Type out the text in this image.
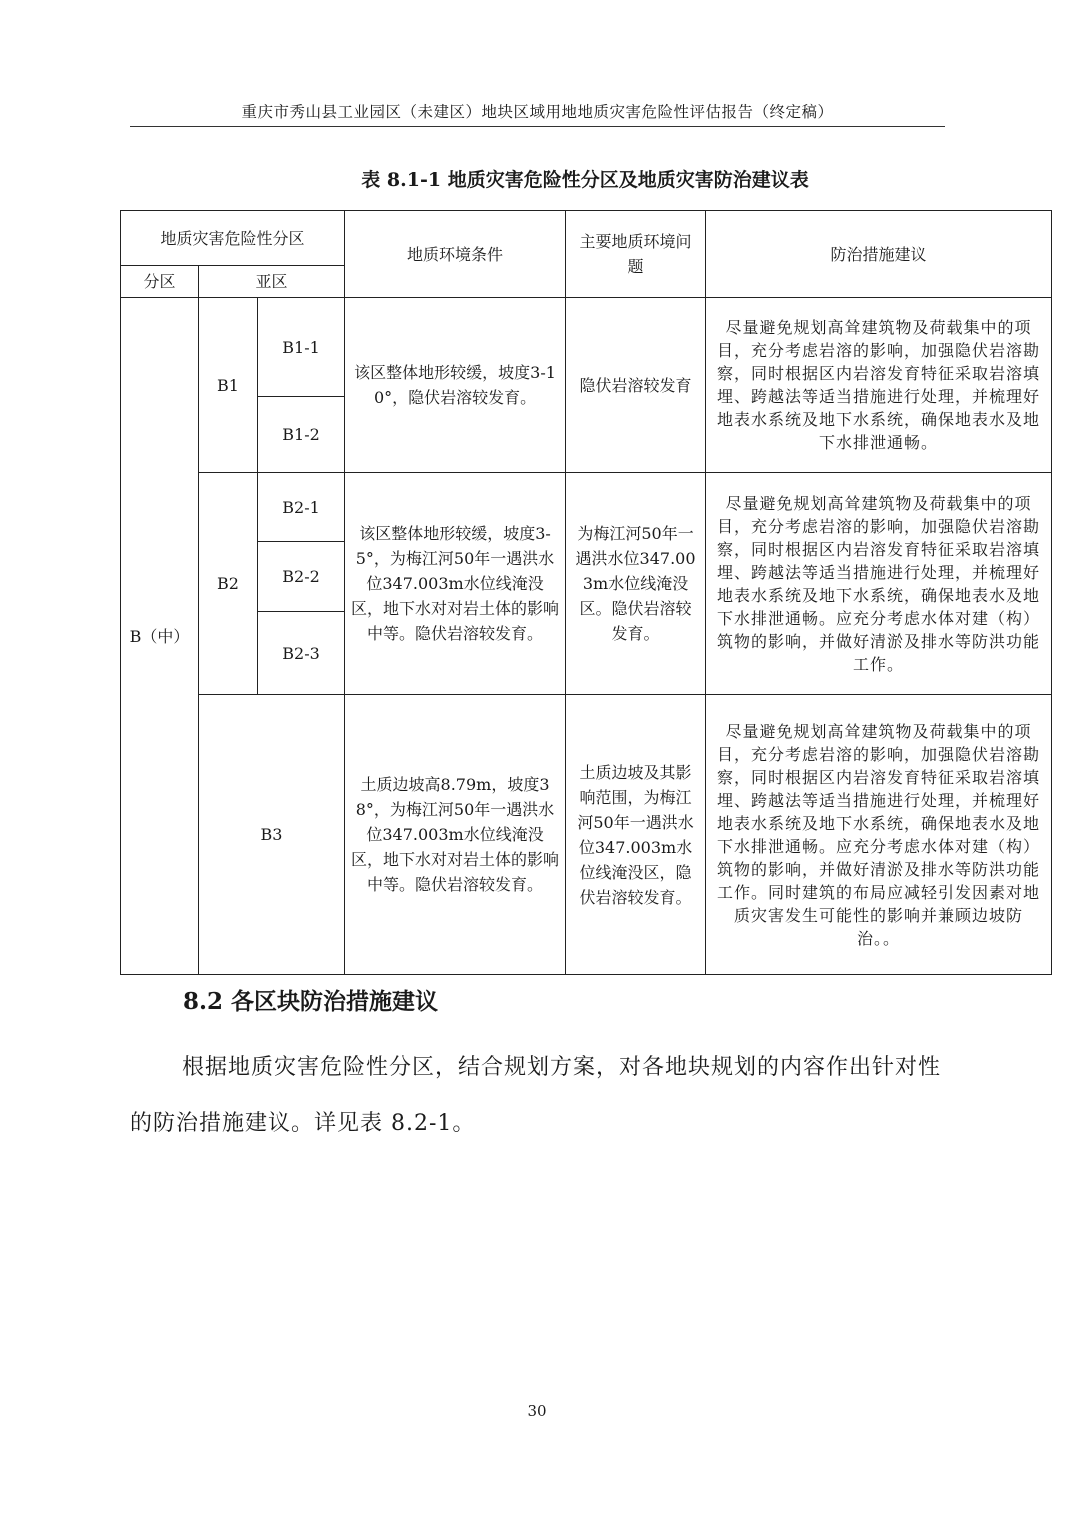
重庆市秀山县工业园区（未建区）地块区域用地地质灾害危险性评估报告（终定稿）
表 8.1-1 地质灾害危险性分区及地质灾害防治建议表
地质灾害危险性分区			地质环境条件	主要地质环境问题	防治措施建议
分区	亚区				
B（中）	B1	B1-1	该区整体地形较缓，坡度3-10°，隐伏岩溶较发育。	隐伏岩溶较发育	尽量避免规划高耸建筑物及荷载集中的项目，充分考虑岩溶的影响，加强隐伏岩溶勘察，同时根据区内岩溶发育特征采取岩溶填埋、跨越法等适当措施进行处理，并梳理好地表水系统及地下水系统，确保地表水及地下水排泄通畅。
		B1-2			
	B2	B2-1	该区整体地形较缓，坡度3-5°，为梅江河50年一遇洪水位347.003m水位线淹没区，地下水对对岩土体的影响中等。隐伏岩溶较发育。	为梅江河50年一遇洪水位347.003m水位线淹没区。隐伏岩溶较发育。	尽量避免规划高耸建筑物及荷载集中的项目，充分考虑岩溶的影响，加强隐伏岩溶勘察，同时根据区内岩溶发育特征采取岩溶填埋、跨越法等适当措施进行处理，并梳理好地表水系统及地下水系统，确保地表水及地下水排泄通畅。应充分考虑水体对建（构）筑物的影响，并做好清淤及排水等防洪功能工作。
		B2-2			
		B2-3			
	B3		土质边坡高8.79m，坡度38°，为梅江河50年一遇洪水位347.003m水位线淹没区，地下水对对岩土体的影响中等。隐伏岩溶较发育。	土质边坡及其影响范围，为梅江河50年一遇洪水位347.003m水位线淹没区，隐伏岩溶较发育。	尽量避免规划高耸建筑物及荷载集中的项目，充分考虑岩溶的影响，加强隐伏岩溶勘察，同时根据区内岩溶发育特征采取岩溶填埋、跨越法等适当措施进行处理，并梳理好地表水系统及地下水系统，确保地表水及地下水排泄通畅。应充分考虑水体对建（构）筑物的影响，并做好清淤及排水等防洪功能工作。同时建筑的布局应减轻引发因素对地质灾害发生可能性的影响并兼顾边坡防治。。
8.2 各区块防治措施建议
根据地质灾害危险性分区，结合规划方案，对各地块规划的内容作出针对性的防治措施建议。详见表 8.2-1。
30
